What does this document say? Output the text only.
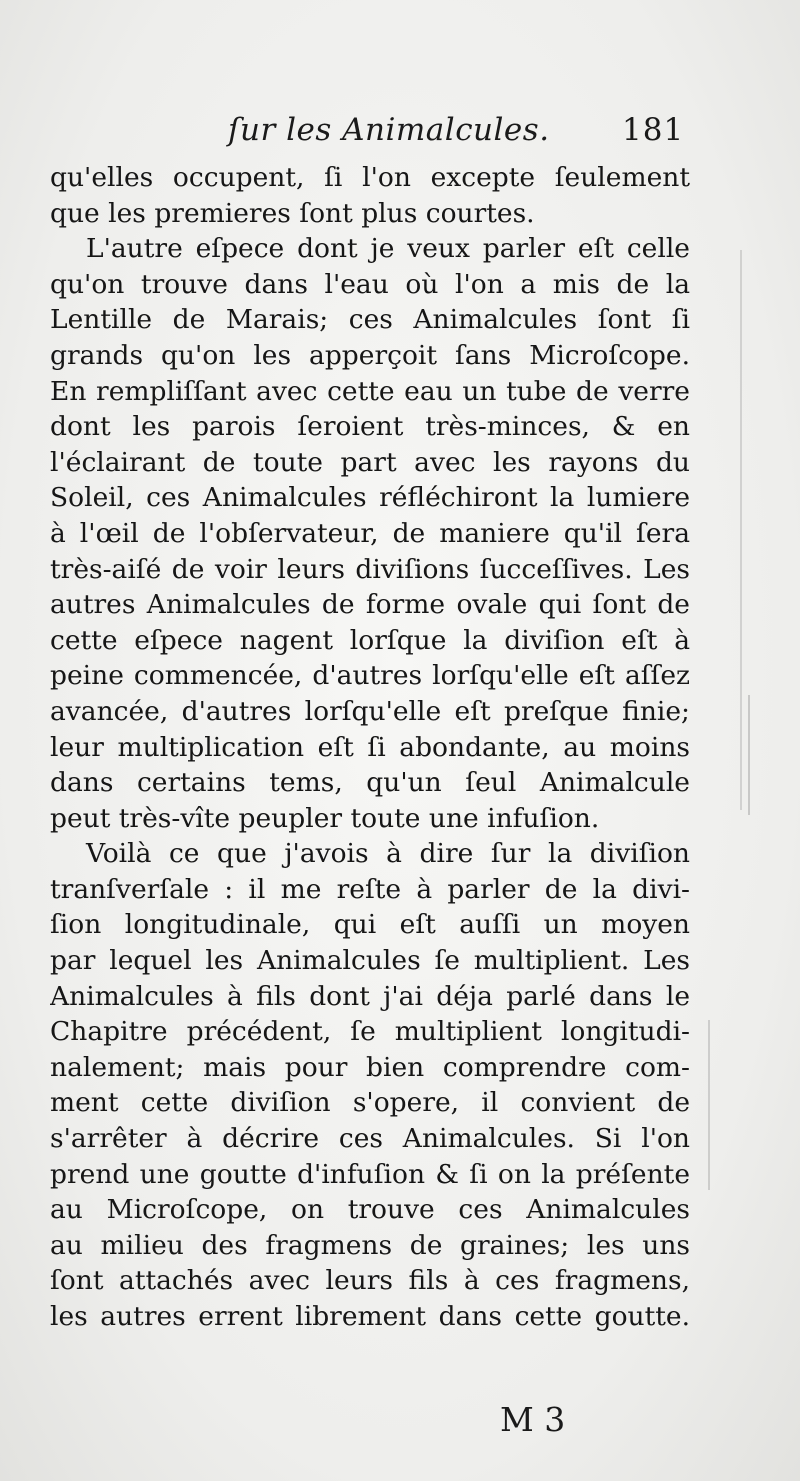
ſur les Animalcules. 181
qu'elles occupent, ſi l'on excepte ſeulement
que les premieres ſont plus courtes.
L'autre eſpece dont je veux parler eſt celle
qu'on trouve dans l'eau où l'on a mis de la
Lentille de Marais; ces Animalcules ſont ſi
grands qu'on les apperçoit ſans Microſcope.
En rempliſſant avec cette eau un tube de verre
dont les parois ſeroient très-minces, & en
l'éclairant de toute part avec les rayons du
Soleil, ces Animalcules réfléchiront la lumiere
à l'œil de l'obſervateur, de maniere qu'il ſera
très-aiſé de voir leurs diviſions ſucceſſives. Les
autres Animalcules de forme ovale qui ſont de
cette eſpece nagent lorſque la diviſion eſt à
peine commencée, d'autres lorſqu'elle eſt aſſez
avancée, d'autres lorſqu'elle eſt preſque finie;
leur multiplication eſt ſi abondante, au moins
dans certains tems, qu'un ſeul Animalcule
peut très-vîte peupler toute une infuſion.
Voilà ce que j'avois à dire ſur la diviſion
tranſverſale : il me reſte à parler de la divi-
ſion longitudinale, qui eſt auſſi un moyen
par lequel les Animalcules ſe multiplient. Les
Animalcules à fils dont j'ai déja parlé dans le
Chapitre précédent, ſe multiplient longitudi-
nalement; mais pour bien comprendre com-
ment cette diviſion s'opere, il convient de
s'arrêter à décrire ces Animalcules. Si l'on
prend une goutte d'infuſion & ſi on la préſente
au Microſcope, on trouve ces Animalcules
au milieu des fragmens de graines; les uns
ſont attachés avec leurs fils à ces fragmens,
les autres errent librement dans cette goutte.
M 3
